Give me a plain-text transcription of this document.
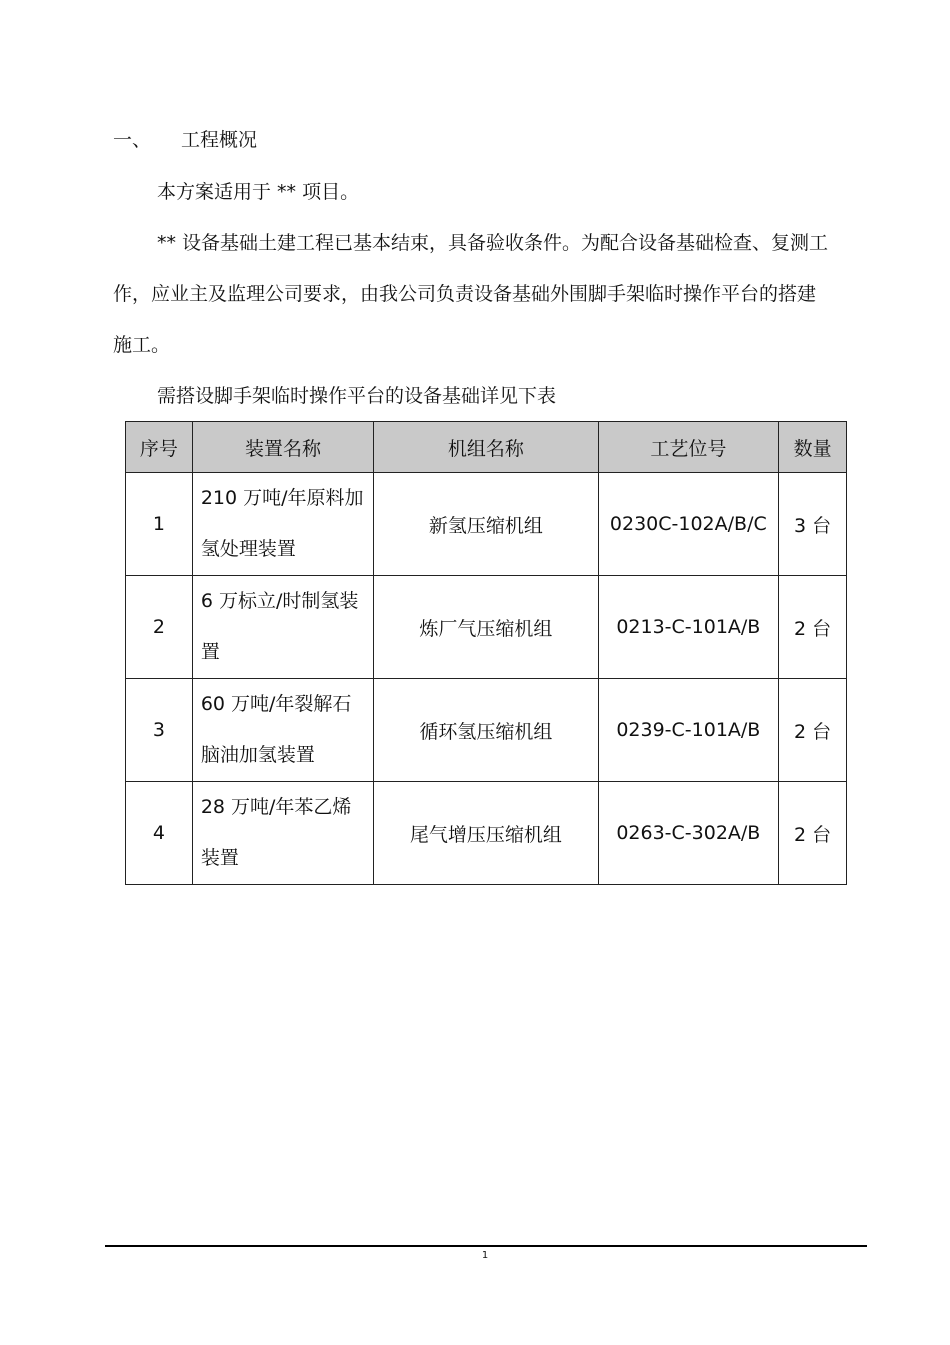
一、 工程概况

本方案适用于 ** 项目。

** 设备基础土建工程已基本结束，具备验收条件。为配合设备基础检查、复测工作，应业主及监理公司要求，由我公司负责设备基础外围脚手架临时操作平台的搭建施工。

需搭设脚手架临时操作平台的设备基础详见下表

序号	装置名称	机组名称	工艺位号	数量
1	210 万吨/年原料加氢处理装置	新氢压缩机组	0230C-102A/B/C	3 台
2	6 万标立/时制氢装置	炼厂气压缩机组	0213-C-101A/B	2 台
3	60 万吨/年裂解石脑油加氢装置	循环氢压缩机组	0239-C-101A/B	2 台
4	28 万吨/年苯乙烯装置	尾气增压压缩机组	0263-C-302A/B	2 台
1
